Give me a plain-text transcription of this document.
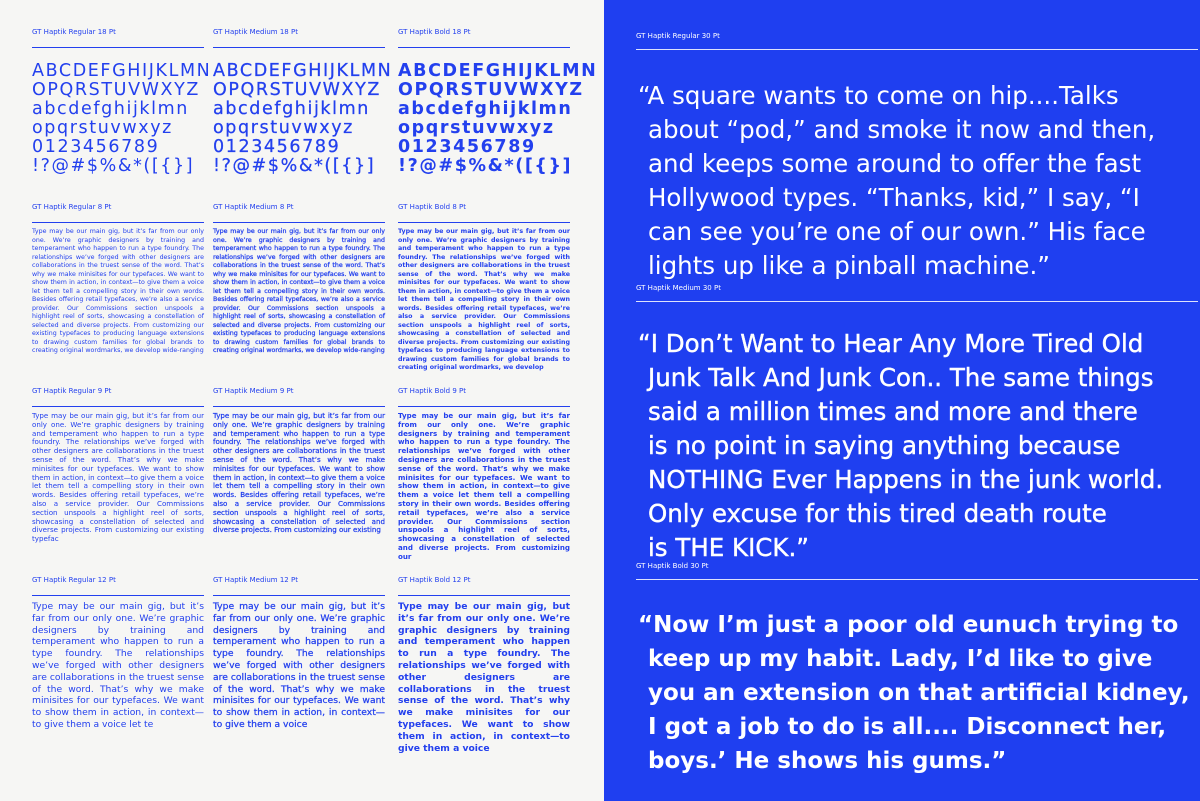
GT Haptik Regular 18 Pt

ABCDEFGHIJKLMN
OPQRSTUVWXYZ
abcdefghijklmn
opqrstuvwxyz
0123456789
!?@#$%&*([{}]

GT Haptik Medium 18 Pt

ABCDEFGHIJKLMN
OPQRSTUVWXYZ
abcdefghijklmn
opqrstuvwxyz
0123456789
!?@#$%&*([{}]

GT Haptik Bold 18 Pt

ABCDEFGHIJKLMN
OPQRSTUVWXYZ
abcdefghijklmn
opqrstuvwxyz
0123456789
!?@#$%&*([{}]

GT Haptik Regular 8 Pt

Type may be our main gig, but it’s far from our only one. We’re graphic designers by training and temperament who happen to run a type foundry. The relationships we’ve forged with other designers are collaborations in the truest sense of the word. That’s why we make minisites for our typefaces. We want to show them in action, in context—to give them a voice let them tell a compelling story in their own words. Besides offering retail typefaces, we’re also a service provider. Our Commissions section unspools a highlight reel of sorts, showcasing a constellation of selected and diverse projects. From customizing our existing typefaces to producing language extensions to drawing custom families for global brands to creating original wordmarks, we develop wide-ranging

GT Haptik Medium 8 Pt

Type may be our main gig, but it’s far from our only one. We’re graphic designers by training and temperament who happen to run a type foundry. The relationships we’ve forged with other designers are collaborations in the truest sense of the word. That’s why we make minisites for our typefaces. We want to show them in action, in context—to give them a voice let them tell a compelling story in their own words. Besides offering retail typefaces, we’re also a service provider. Our Commissions section unspools a highlight reel of sorts, showcasing a constellation of selected and diverse projects. From customizing our existing typefaces to producing language extensions to drawing custom families for global brands to creating original wordmarks, we develop wide-ranging

GT Haptik Bold 8 Pt

Type may be our main gig, but it’s far from our only one. We’re graphic designers by training and temperament who happen to run a type foundry. The relationships we’ve forged with other designers are collaborations in the truest sense of the word. That’s why we make minisites for our typefaces. We want to show them in action, in context—to give them a voice let them tell a compelling story in their own words. Besides offering retail typefaces, we’re also a service provider. Our Commissions section unspools a highlight reel of sorts, showcasing a constellation of selected and diverse projects. From customizing our existing typefaces to producing language extensions to drawing custom families for global brands to creating original wordmarks, we develop

GT Haptik Regular 9 Pt

Type may be our main gig, but it’s far from our only one. We’re graphic designers by training and temperament who happen to run a type foundry. The relationships we’ve forged with other designers are collaborations in the truest sense of the word. That’s why we make minisites for our typefaces. We want to show them in action, in context—to give them a voice let them tell a compelling story in their own words. Besides offering retail typefaces, we’re also a service provider. Our Commissions section unspools a highlight reel of sorts, showcasing a constellation of selected and diverse projects. From customizing our existing typefac

GT Haptik Medium 9 Pt

Type may be our main gig, but it’s far from our only one. We’re graphic designers by training and temperament who happen to run a type foundry. The relationships we’ve forged with other designers are collaborations in the truest sense of the word. That’s why we make minisites for our typefaces. We want to show them in action, in context—to give them a voice let them tell a compelling story in their own words. Besides offering retail typefaces, we’re also a service provider. Our Commissions section unspools a highlight reel of sorts, showcasing a constellation of selected and diverse projects. From customizing our existing

GT Haptik Bold 9 Pt

Type may be our main gig, but it’s far from our only one. We’re graphic designers by training and temperament who happen to run a type foundry. The relationships we’ve forged with other designers are collaborations in the truest sense of the word. That’s why we make minisites for our typefaces. We want to show them in action, in context—to give them a voice let them tell a compelling story in their own words. Besides offering retail typefaces, we’re also a service provider. Our Commissions section unspools a highlight reel of sorts, showcasing a constellation of selected and diverse projects. From customizing our

GT Haptik Regular 12 Pt

Type may be our main gig, but it’s far from our only one. We’re graphic designers by training and temperament who happen to run a type foundry. The relationships we’ve forged with other designers are collaborations in the truest sense of the word. That’s why we make minisites for our typefaces. We want to show them in action, in context—to give them a voice let te

GT Haptik Medium 12 Pt

Type may be our main gig, but it’s far from our only one. We’re graphic designers by training and temperament who happen to run a type foundry. The relationships we’ve forged with other designers are collaborations in the truest sense of the word. That’s why we make minisites for our typefaces. We want to show them in action, in context—to give them a voice

GT Haptik Bold 12 Pt

Type may be our main gig, but it’s far from our only one. We’re graphic designers by training and temperament who happen to run a type foundry. The relationships we’ve forged with other designers are collaborations in the truest sense of the word. That’s why we make minisites for our typefaces. We want to show them in action, in context—to give them a voice
GT Haptik Regular 30 Pt

“A square wants to come on hip....Talks
about “pod,” and smoke it now and then,
and keeps some around to offer the fast
Hollywood types. “Thanks, kid,” I say, “I
can see you’re one of our own.” His face
lights up like a pinball machine.”

GT Haptik Medium 30 Pt

“I Don’t Want to Hear Any More Tired Old
Junk Talk And Junk Con.. The same things
said a million times and more and there
is no point in saying anything because
NOTHING Ever Happens in the junk world.
Only excuse for this tired death route
is THE KICK.”

GT Haptik Bold 30 Pt

“Now I’m just a poor old eunuch trying to
keep up my habit. Lady, I’d like to give
you an extension on that artificial kidney,
I got a job to do is all.... Disconnect her,
boys.’ He shows his gums.”
